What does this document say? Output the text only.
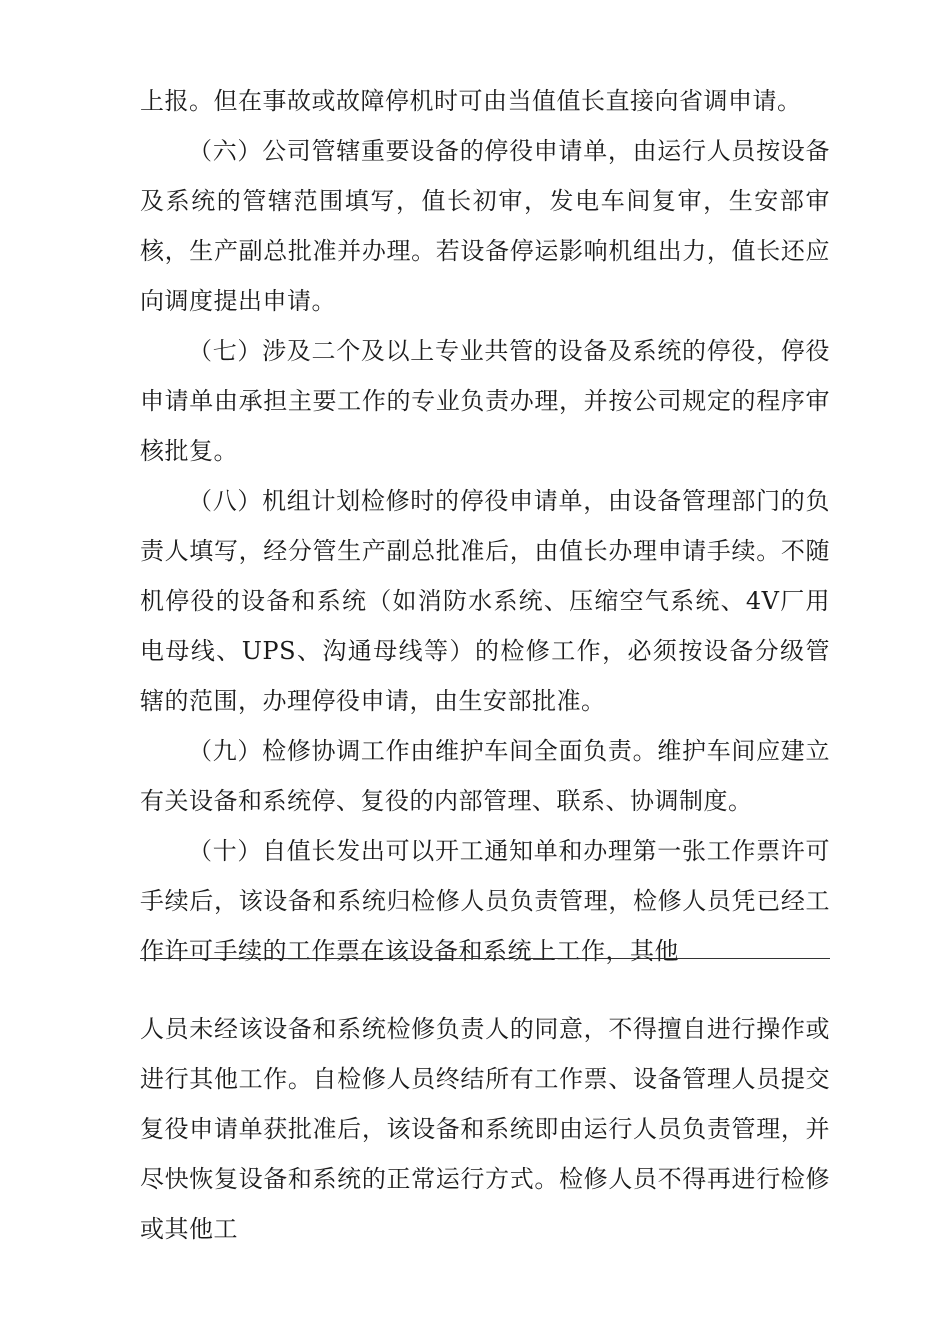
上报。但在事故或故障停机时可由当值值长直接向省调申请。

（六）公司管辖重要设备的停役申请单，由运行人员按设备及系统的管辖范围填写，值长初审，发电车间复审，生安部审核，生产副总批准并办理。若设备停运影响机组出力，值长还应向调度提出申请。

（七）涉及二个及以上专业共管的设备及系统的停役，停役申请单由承担主要工作的专业负责办理，并按公司规定的程序审核批复。

（八）机组计划检修时的停役申请单，由设备管理部门的负责人填写，经分管生产副总批准后，由值长办理申请手续。不随机停役的设备和系统（如消防水系统、压缩空气系统、4V厂用电母线、UPS、沟通母线等）的检修工作，必须按设备分级管辖的范围，办理停役申请，由生安部批准。

（九）检修协调工作由维护车间全面负责。维护车间应建立有关设备和系统停、复役的内部管理、联系、协调制度。

（十）自值长发出可以开工通知单和办理第一张工作票许可手续后，该设备和系统归检修人员负责管理，检修人员凭已经工作许可手续的工作票在该设备和系统上工作，其他

人员未经该设备和系统检修负责人的同意，不得擅自进行操作或进行其他工作。自检修人员终结所有工作票、设备管理人员提交复役申请单获批准后，该设备和系统即由运行人员负责管理，并尽快恢复设备和系统的正常运行方式。检修人员不得再进行检修或其他工
